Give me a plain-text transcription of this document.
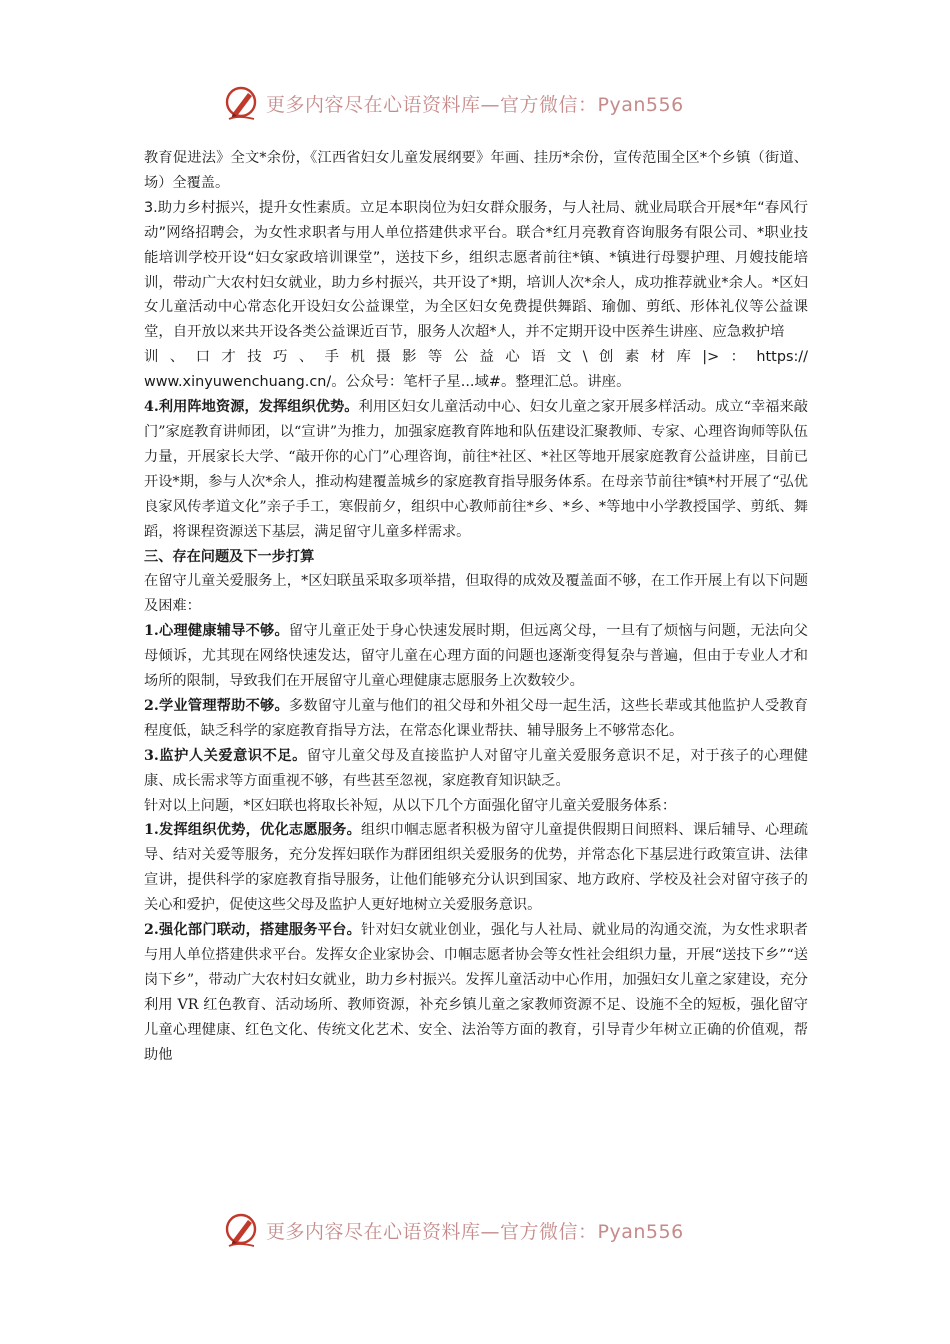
更多内容尽在心语资料库—官方微信：Pyan556

教育促进法》全文*余份，《江西省妇女儿童发展纲要》年画、挂历*余份，宣传范围全区*个乡镇（街道、场）全覆盖。

3.助力乡村振兴，提升女性素质。立足本职岗位为妇女群众服务，与人社局、就业局联合开展*年“春风行动”网络招聘会，为女性求职者与用人单位搭建供求平台。联合*红月亮教育咨询服务有限公司、*职业技能培训学校开设“妇女家政培训课堂”，送技下乡，组织志愿者前往*镇、*镇进行母婴护理、月嫂技能培训，带动广大农村妇女就业，助力乡村振兴，共开设了*期，培训人次*余人，成功推荐就业*余人。*区妇女儿童活动中心常态化开设妇女公益课堂，为全区妇女免费提供舞蹈、瑜伽、剪纸、形体礼仪等公益课堂，自开放以来共开设各类公益课近百节，服务人次超*人，并不定期开设中医养生讲座、应急救护培

训、口才技巧、手机摄影等公益心语文\创素材库|>：https://

www.xinyuwenchuang.cn/。公众号：笔杆子星...域#。整理汇总。讲座。

4.利用阵地资源，发挥组织优势。利用区妇女儿童活动中心、妇女儿童之家开展多样活动。成立“幸福来敲门”家庭教育讲师团，以“宣讲”为推力，加强家庭教育阵地和队伍建设汇聚教师、专家、心理咨询师等队伍力量，开展家长大学、“敲开你的心门”心理咨询，前往*社区、*社区等地开展家庭教育公益讲座，目前已开设*期，参与人次*余人，推动构建覆盖城乡的家庭教育指导服务体系。在母亲节前往*镇*村开展了“弘优良家风传孝道文化”亲子手工，寒假前夕，组织中心教师前往*乡、*乡、*等地中小学教授国学、剪纸、舞蹈，将课程资源送下基层，满足留守儿童多样需求。

三、存在问题及下一步打算

在留守儿童关爱服务上，*区妇联虽采取多项举措，但取得的成效及覆盖面不够，在工作开展上有以下问题及困难：

1.心理健康辅导不够。留守儿童正处于身心快速发展时期，但远离父母，一旦有了烦恼与问题，无法向父母倾诉，尤其现在网络快速发达，留守儿童在心理方面的问题也逐渐变得复杂与普遍，但由于专业人才和场所的限制，导致我们在开展留守儿童心理健康志愿服务上次数较少。

2.学业管理帮助不够。多数留守儿童与他们的祖父母和外祖父母一起生活，这些长辈或其他监护人受教育程度低，缺乏科学的家庭教育指导方法，在常态化课业帮扶、辅导服务上不够常态化。

3.监护人关爱意识不足。留守儿童父母及直接监护人对留守儿童关爱服务意识不足，对于孩子的心理健康、成长需求等方面重视不够，有些甚至忽视，家庭教育知识缺乏。

针对以上问题，*区妇联也将取长补短，从以下几个方面强化留守儿童关爱服务体系：

1.发挥组织优势，优化志愿服务。组织巾帼志愿者积极为留守儿童提供假期日间照料、课后辅导、心理疏导、结对关爱等服务，充分发挥妇联作为群团组织关爱服务的优势，并常态化下基层进行政策宣讲、法律宣讲，提供科学的家庭教育指导服务，让他们能够充分认识到国家、地方政府、学校及社会对留守孩子的关心和爱护，促使这些父母及监护人更好地树立关爱服务意识。

2.强化部门联动，搭建服务平台。针对妇女就业创业，强化与人社局、就业局的沟通交流，为女性求职者与用人单位搭建供求平台。发挥女企业家协会、巾帼志愿者协会等女性社会组织力量，开展“送技下乡”“送岗下乡”，带动广大农村妇女就业，助力乡村振兴。发挥儿童活动中心作用，加强妇女儿童之家建设，充分利用 VR 红色教育、活动场所、教师资源，补充乡镇儿童之家教师资源不足、设施不全的短板，强化留守儿童心理健康、红色文化、传统文化艺术、安全、法治等方面的教育，引导青少年树立正确的价值观，帮助他

更多内容尽在心语资料库—官方微信：Pyan556
